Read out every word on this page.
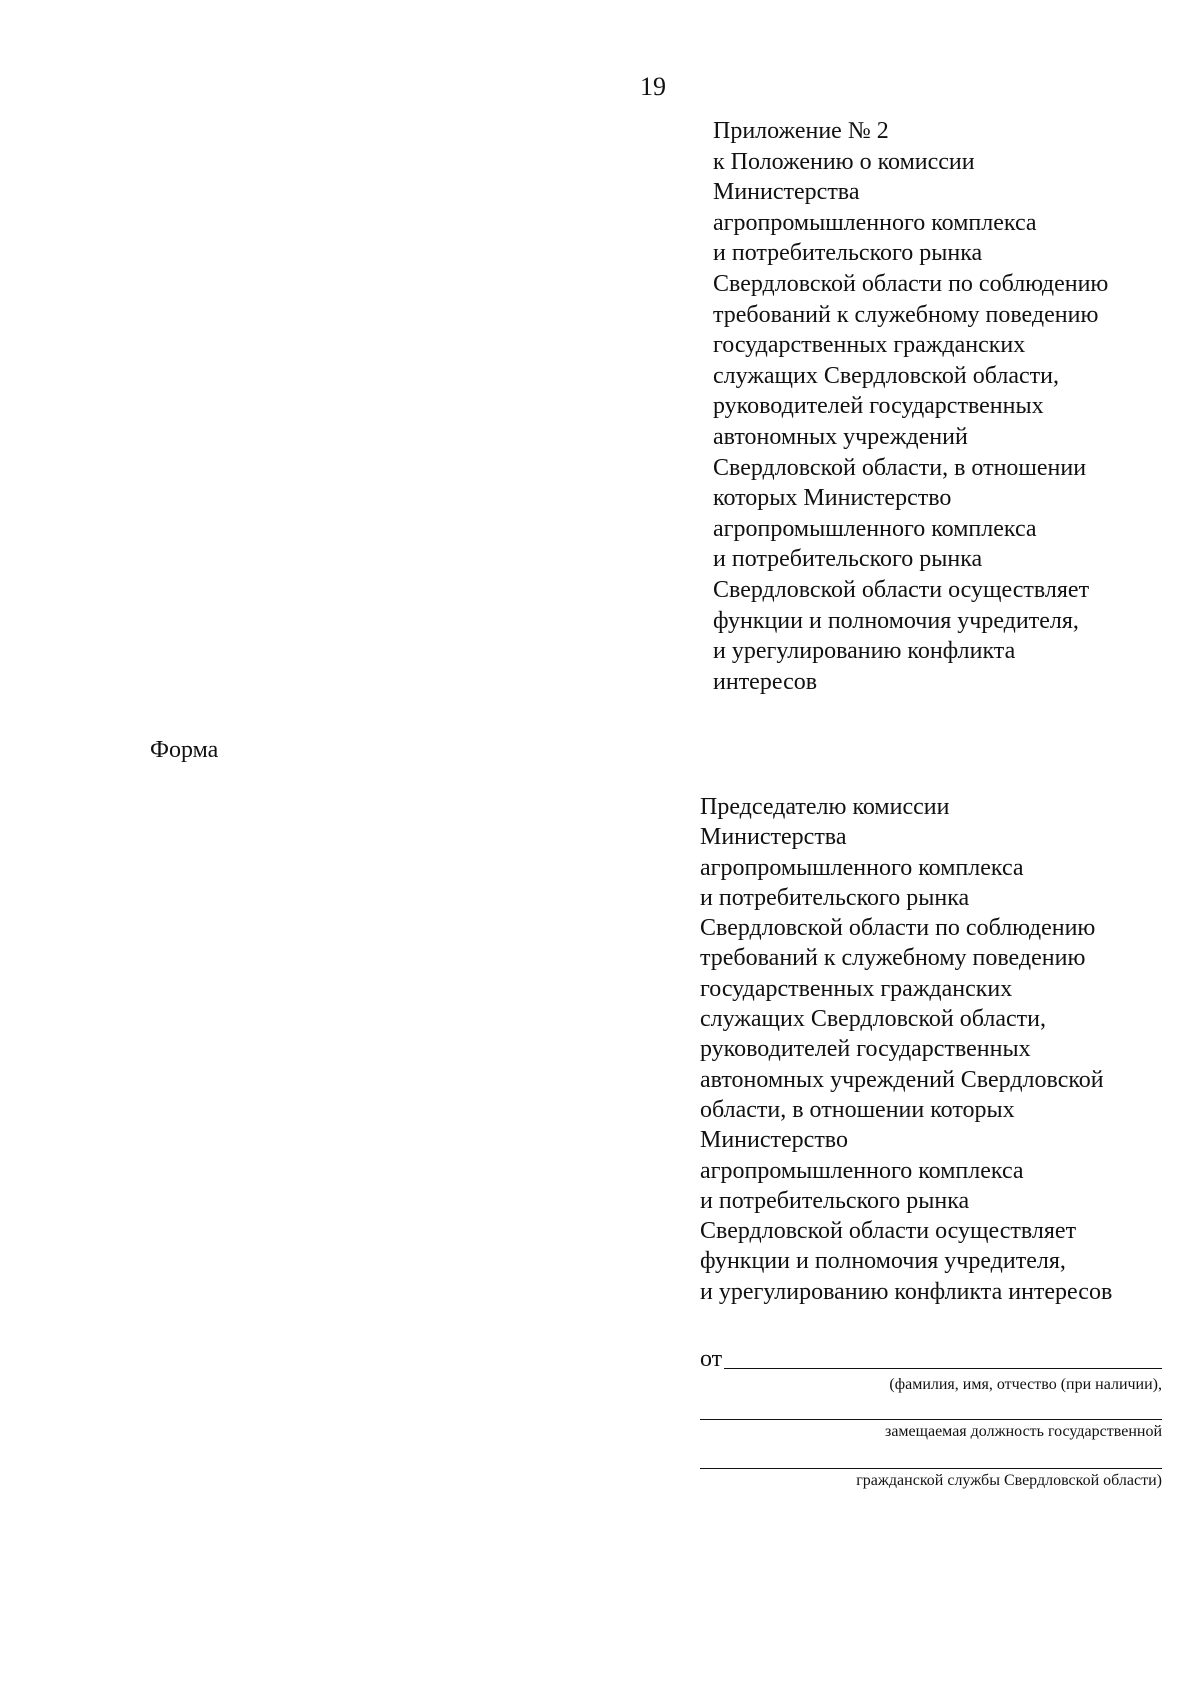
19
Приложение № 2
к Положению о комиссии
Министерства
агропромышленного комплекса
и потребительского рынка
Свердловской области по соблюдению
требований к служебному поведению
государственных гражданских
служащих Свердловской области,
руководителей государственных
автономных учреждений
Свердловской области, в отношении
которых Министерство
агропромышленного комплекса
и потребительского рынка
Свердловской области осуществляет
функции и полномочия учредителя,
и урегулированию конфликта
интересов
Форма
Председателю комиссии
Министерства
агропромышленного комплекса
и потребительского рынка
Свердловской области по соблюдению
требований к служебному поведению
государственных гражданских
служащих Свердловской области,
руководителей государственных
автономных учреждений Свердловской
области, в отношении которых
Министерство
агропромышленного комплекса
и потребительского рынка
Свердловской области осуществляет
функции и полномочия учредителя,
и урегулированию конфликта интересов
от
(фамилия, имя, отчество (при наличии),
замещаемая должность государственной
гражданской службы Свердловской области)
